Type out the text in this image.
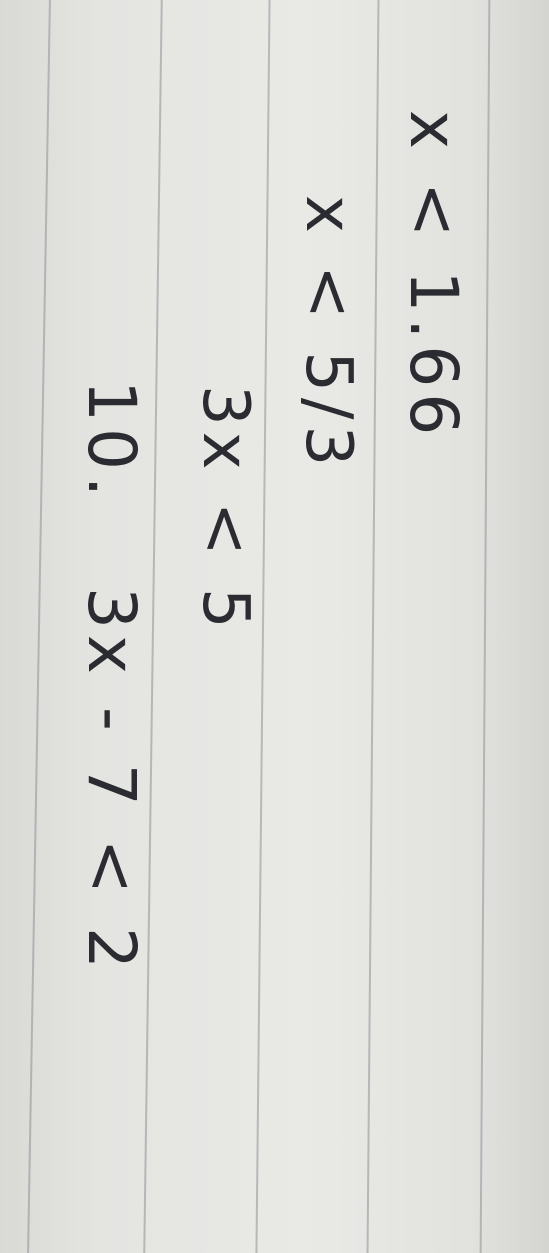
10.  3x - 7 < 2
3x < 5
x < 5/3 x < 1.66
